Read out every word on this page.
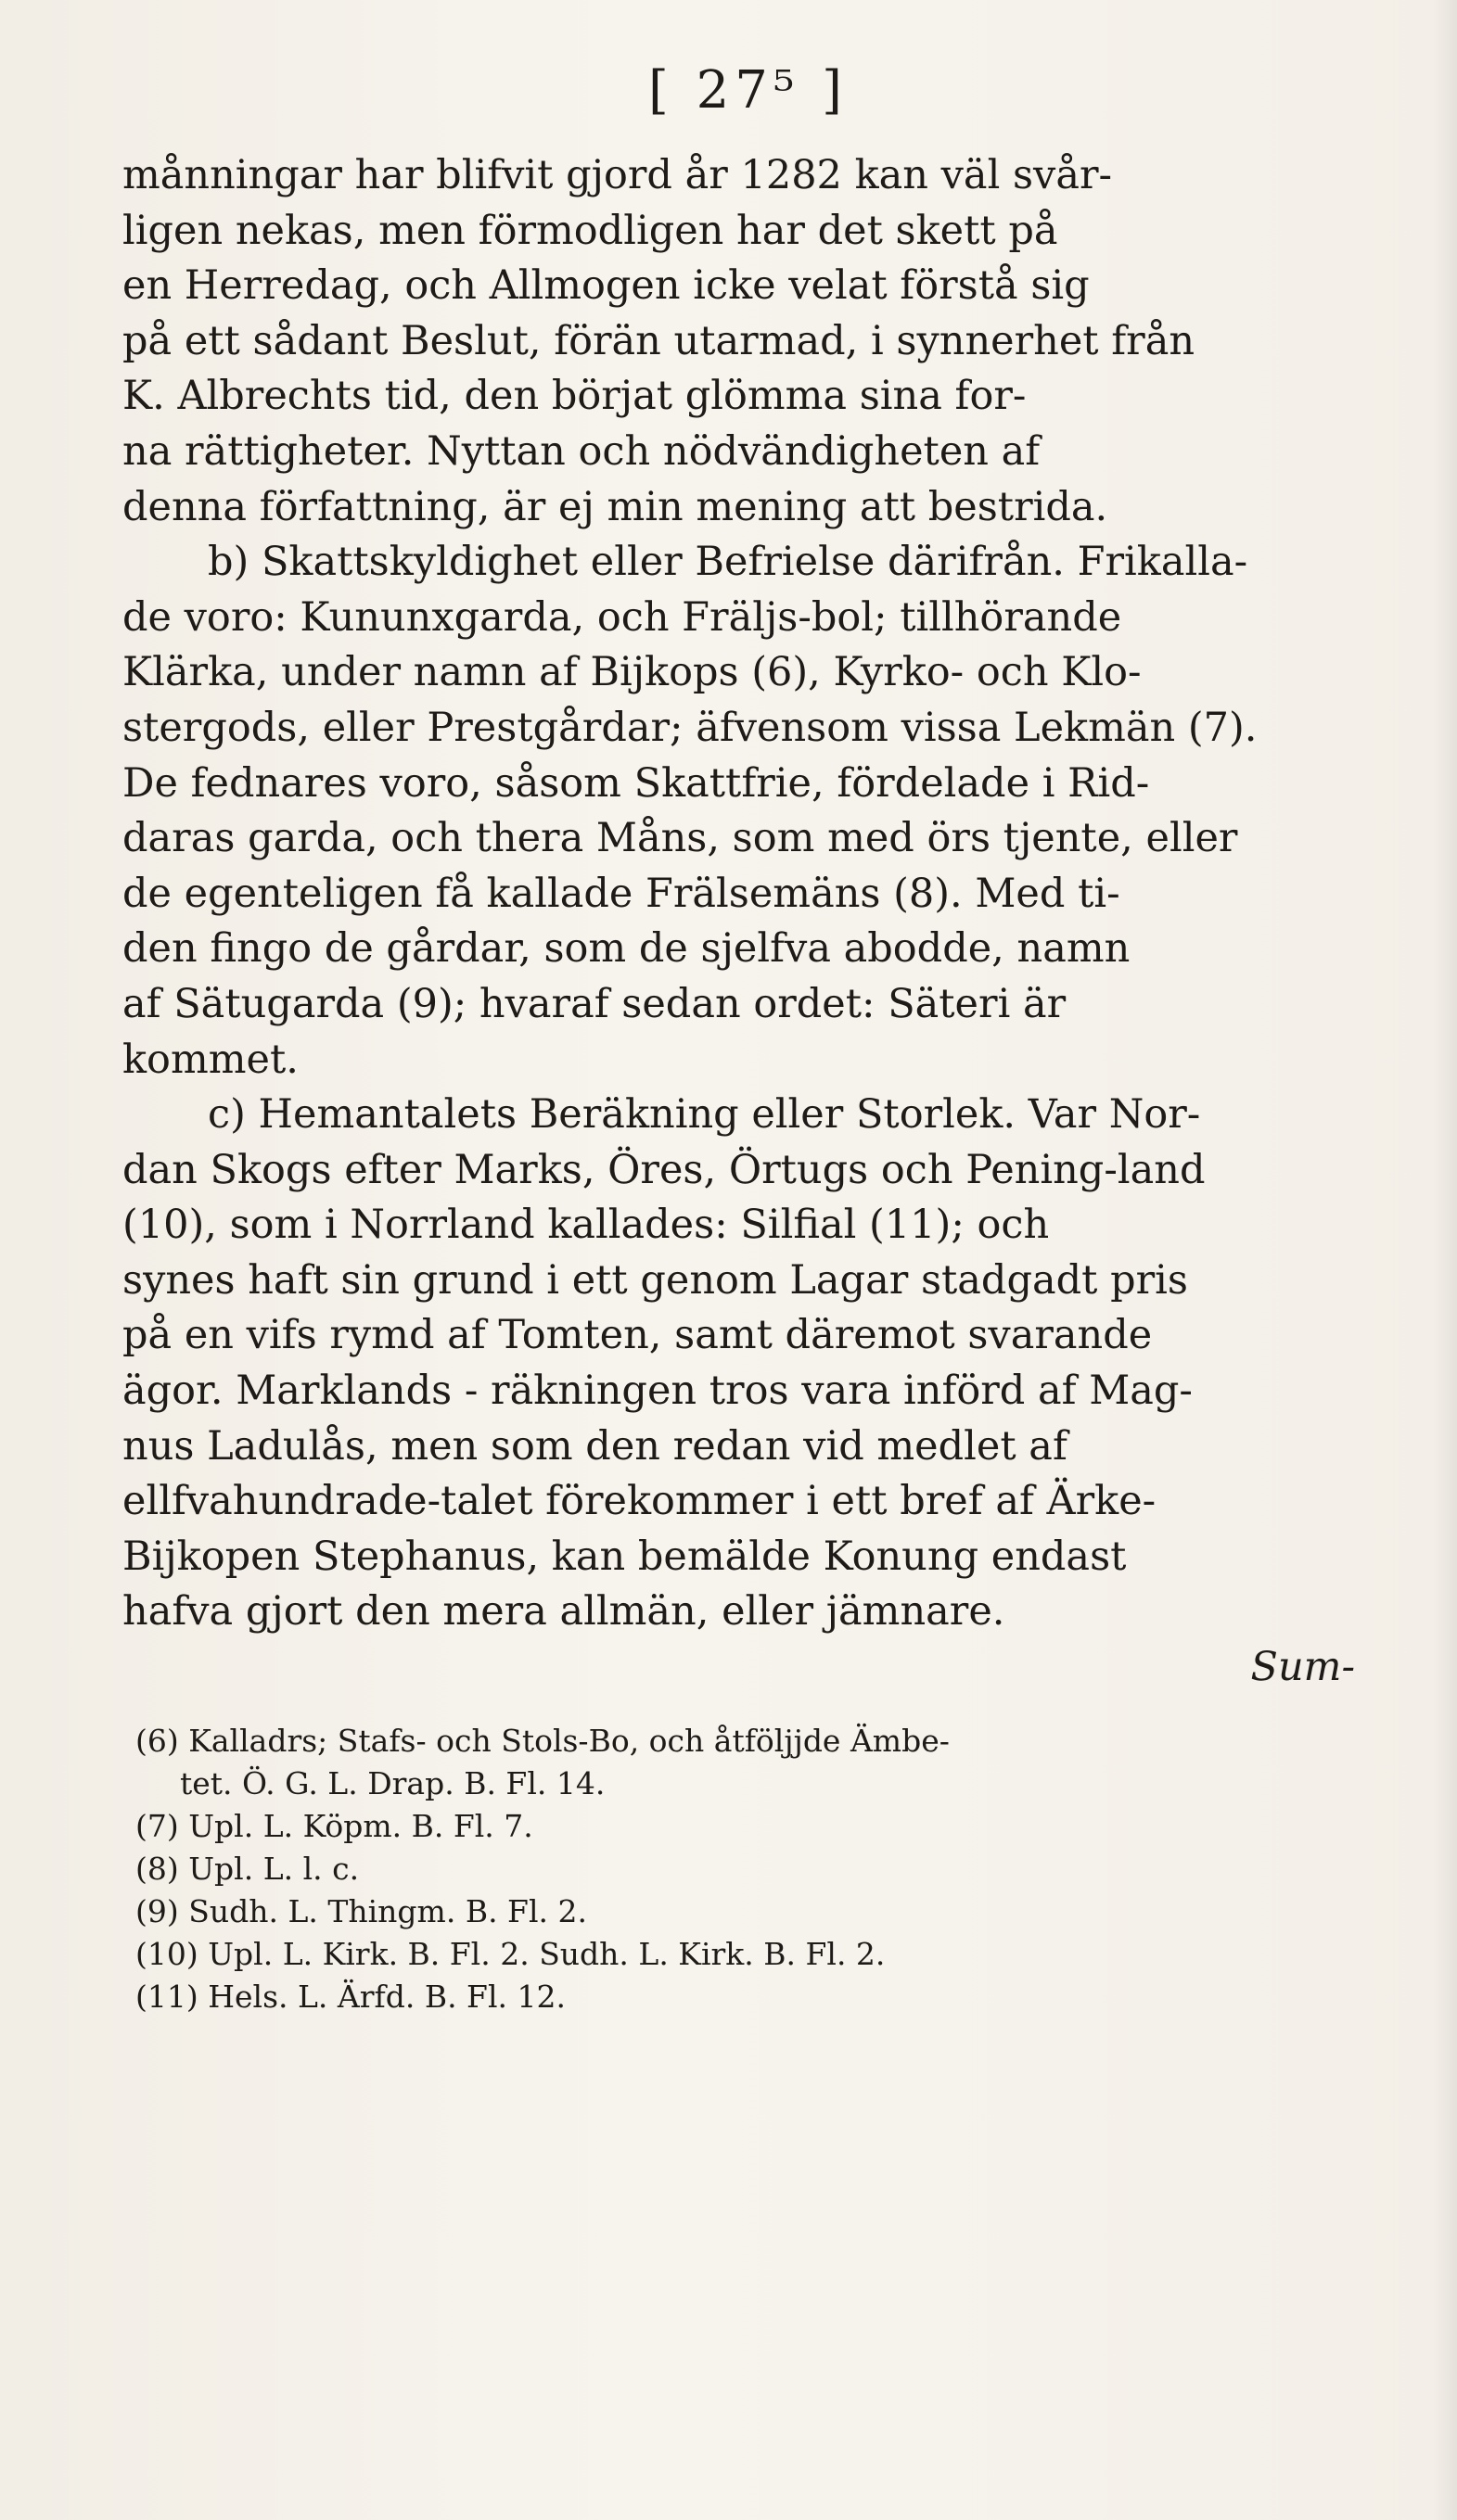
[ 27⁵ ]
månningar har blifvit gjord år 1282 kan väl svår-
ligen nekas, men förmodligen har det skett på
en Herredag, och Allmogen icke velat förstå sig
på ett sådant Beslut, förän utarmad, i synnerhet från
K. Albrechts tid, den börjat glömma sina for-
na rättigheter. Nyttan och nödvändigheten af
denna författning, är ej min mening att bestrida.
b) Skattskyldighet eller Befrielse därifrån. Frikalla-
de voro: Kununxgarda, och Fräljs-bol; tillhörande
Klärka, under namn af Bijkops (6), Kyrko- och Klo-
stergods, eller Prestgårdar; äfvensom vissa Lekmän (7).
De fednares voro, såsom Skattfrie, fördelade i Rid-
daras garda, och thera Måns, som med örs tjente, eller
de egenteligen få kallade Frälsemäns (8). Med ti-
den fingo de gårdar, som de sjelfva abodde, namn
af Sätugarda (9); hvaraf sedan ordet: Säteri är
kommet.
c) Hemantalets Beräkning eller Storlek. Var Nor-
dan Skogs efter Marks, Öres, Örtugs och Pening-land
(10), som i Norrland kallades: Silfial (11); och
synes haft sin grund i ett genom Lagar stadgadt pris
på en vifs rymd af Tomten, samt däremot svarande
ägor. Marklands - räkningen tros vara införd af Mag-
nus Ladulås, men som den redan vid medlet af
ellfvahundrade-talet förekommer i ett bref af Ärke-
Bijkopen Stephanus, kan bemälde Konung endast
hafva gjort den mera allmän, eller jämnare.
Sum-
(6) Kalladrs; Stafs- och Stols-Bo, och åtföljjde Ämbe-
tet. Ö. G. L. Drap. B. Fl. 14.
(7) Upl. L. Köpm. B. Fl. 7.
(8) Upl. L. l. c.
(9) Sudh. L. Thingm. B. Fl. 2.
(10) Upl. L. Kirk. B. Fl. 2. Sudh. L. Kirk. B. Fl. 2.
(11) Hels. L. Ärfd. B. Fl. 12.
